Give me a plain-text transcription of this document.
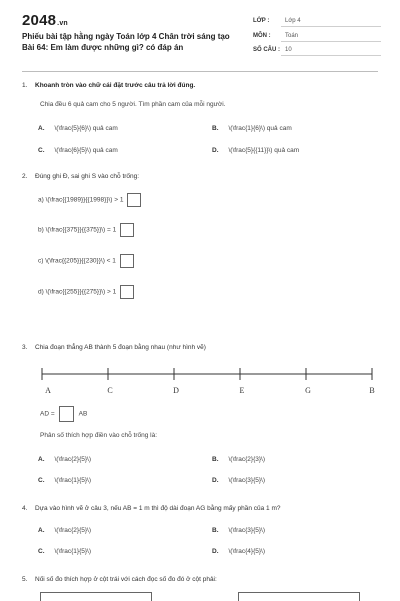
2048.vn
Phiếu bài tập hằng ngày Toán lớp 4 Chân trời sáng tạo Bài 64: Em làm được những gì? có đáp án
LỚP :	Lớp 4
MÔN : Toán
SỐ CÂU : 10
1. Khoanh tròn vào chữ cái đặt trước câu trả lời đúng.
Chia đều 6 quả cam cho 5 người. Tìm phần cam của mỗi người.
A. \(\frac{5}{6}\) quả cam	B. \(\frac{1}{6}\) quả cam
C. \(\frac{6}{5}\) quả cam	D. \(\frac{5}{{11}}\) quả cam
2. Đúng ghi Đ, sai ghi S vào chỗ trống:
a) \(\frac{{1989}}{{1998}}\) > 1
b) \(\frac{{375}}{{375}}\) = 1
c) \(\frac{{205}}{{230}}\) < 1
d) \(\frac{{255}}{{275}}\) > 1
3. Chia đoạn thẳng AB thành 5 đoạn bằng nhau (như hình vẽ)
A	C	D	E	G	B
AD =	AB
Phân số thích hợp điền vào chỗ trống là:
A. \(\frac{2}{5}\)	B. \(\frac{2}{3}\)
C. \(\frac{1}{5}\)	D. \(\frac{3}{5}\)
4. Dựa vào hình vẽ ở câu 3, nếu AB = 1 m thì độ dài đoạn AG bằng mấy phần của 1 m?
A. \(\frac{2}{5}\)	B. \(\frac{3}{5}\)
C. \(\frac{1}{5}\)	D. \(\frac{4}{5}\)
5. Nối số đo thích hợp ở cột trái với cách đọc số đo đó ở cột phải:
